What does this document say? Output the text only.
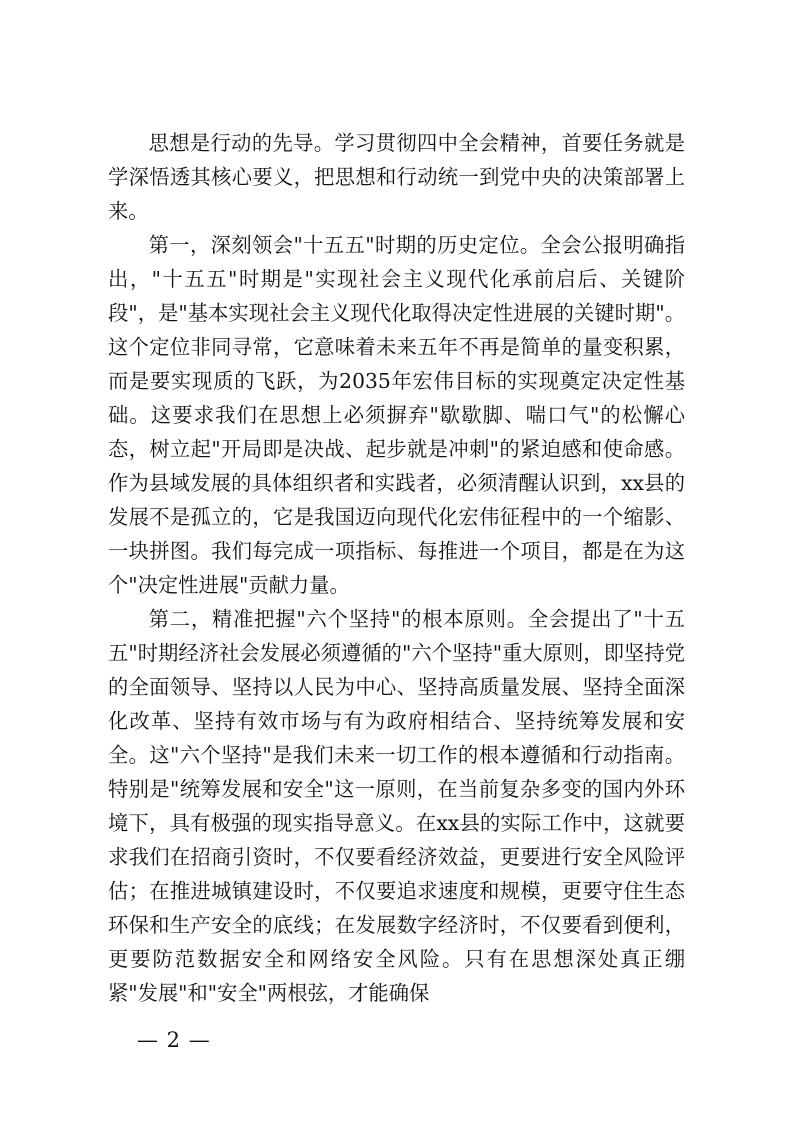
思想是行动的先导。学习贯彻四中全会精神，首要任务就是学深悟透其核心要义，把思想和行动统一到党中央的决策部署上来。

第一，深刻领会"十五五"时期的历史定位。全会公报明确指出，"十五五"时期是"实现社会主义现代化承前启后、关键阶段"，是"基本实现社会主义现代化取得决定性进展的关键时期"。这个定位非同寻常，它意味着未来五年不再是简单的量变积累，而是要实现质的飞跃，为2035年宏伟目标的实现奠定决定性基础。这要求我们在思想上必须摒弃"歇歇脚、喘口气"的松懈心态，树立起"开局即是决战、起步就是冲刺"的紧迫感和使命感。作为县域发展的具体组织者和实践者，必须清醒认识到，xx县的发展不是孤立的，它是我国迈向现代化宏伟征程中的一个缩影、一块拼图。我们每完成一项指标、每推进一个项目，都是在为这个"决定性进展"贡献力量。

第二，精准把握"六个坚持"的根本原则。全会提出了"十五五"时期经济社会发展必须遵循的"六个坚持"重大原则，即坚持党的全面领导、坚持以人民为中心、坚持高质量发展、坚持全面深化改革、坚持有效市场与有为政府相结合、坚持统筹发展和安全。这"六个坚持"是我们未来一切工作的根本遵循和行动指南。特别是"统筹发展和安全"这一原则，在当前复杂多变的国内外环境下，具有极强的现实指导意义。在xx县的实际工作中，这就要求我们在招商引资时，不仅要看经济效益，更要进行安全风险评估；在推进城镇建设时，不仅要追求速度和规模，更要守住生态环保和生产安全的底线；在发展数字经济时，不仅要看到便利，更要防范数据安全和网络安全风险。只有在思想深处真正绷紧"发展"和"安全"两根弦，才能确保

— 2 —
